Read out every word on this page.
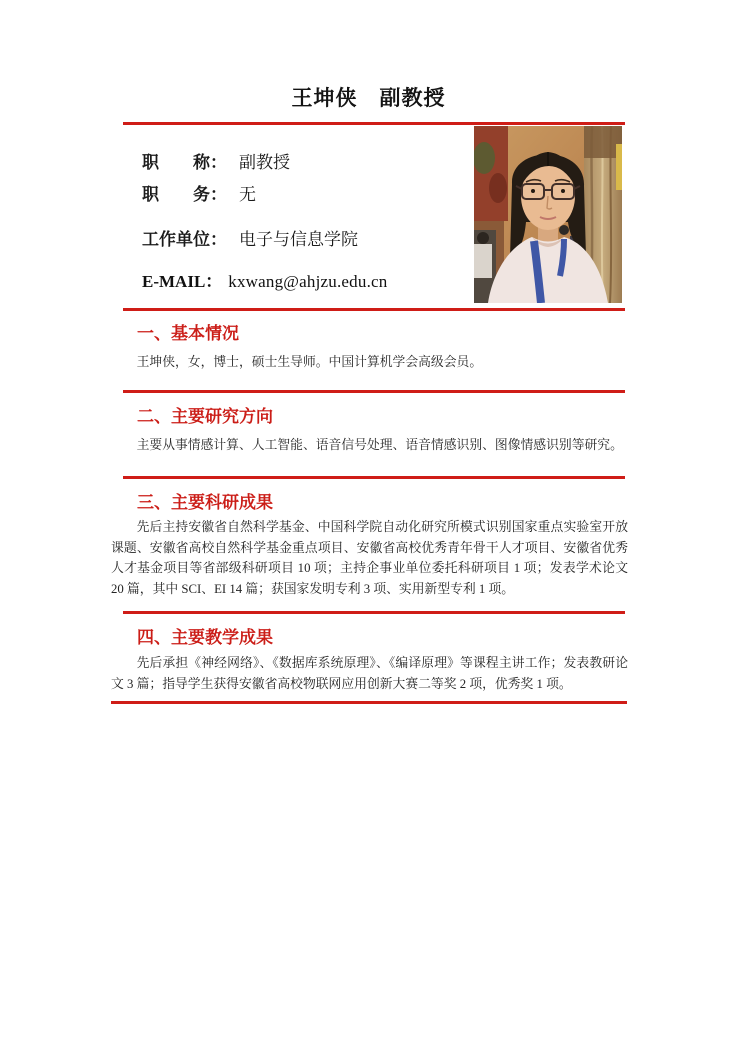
王坤侠　副教授
职称： 副教授
职务： 无
工作单位： 电子与信息学院
E-MAIL： kxwang@ahjzu.edu.cn
一、基本情况

王坤侠，女，博士，硕士生导师。中国计算机学会高级会员。

二、主要研究方向

主要从事情感计算、人工智能、语音信号处理、语音情感识别、图像情感识别等研究。

三、主要科研成果

先后主持安徽省自然科学基金、中国科学院自动化研究所模式识别国家重点实验室开放课题、安徽省高校自然科学基金重点项目、安徽省高校优秀青年骨干人才项目、安徽省优秀人才基金项目等省部级科研项目 10 项；主持企事业单位委托科研项目 1 项；发表学术论文 20 篇，其中 SCI、EI 14 篇；获国家发明专利 3 项、实用新型专利 1 项。

四、主要教学成果

先后承担《神经网络》、《数据库系统原理》、《编译原理》等课程主讲工作；发表教研论文 3 篇；指导学生获得安徽省高校物联网应用创新大赛二等奖 2 项，优秀奖 1 项。
